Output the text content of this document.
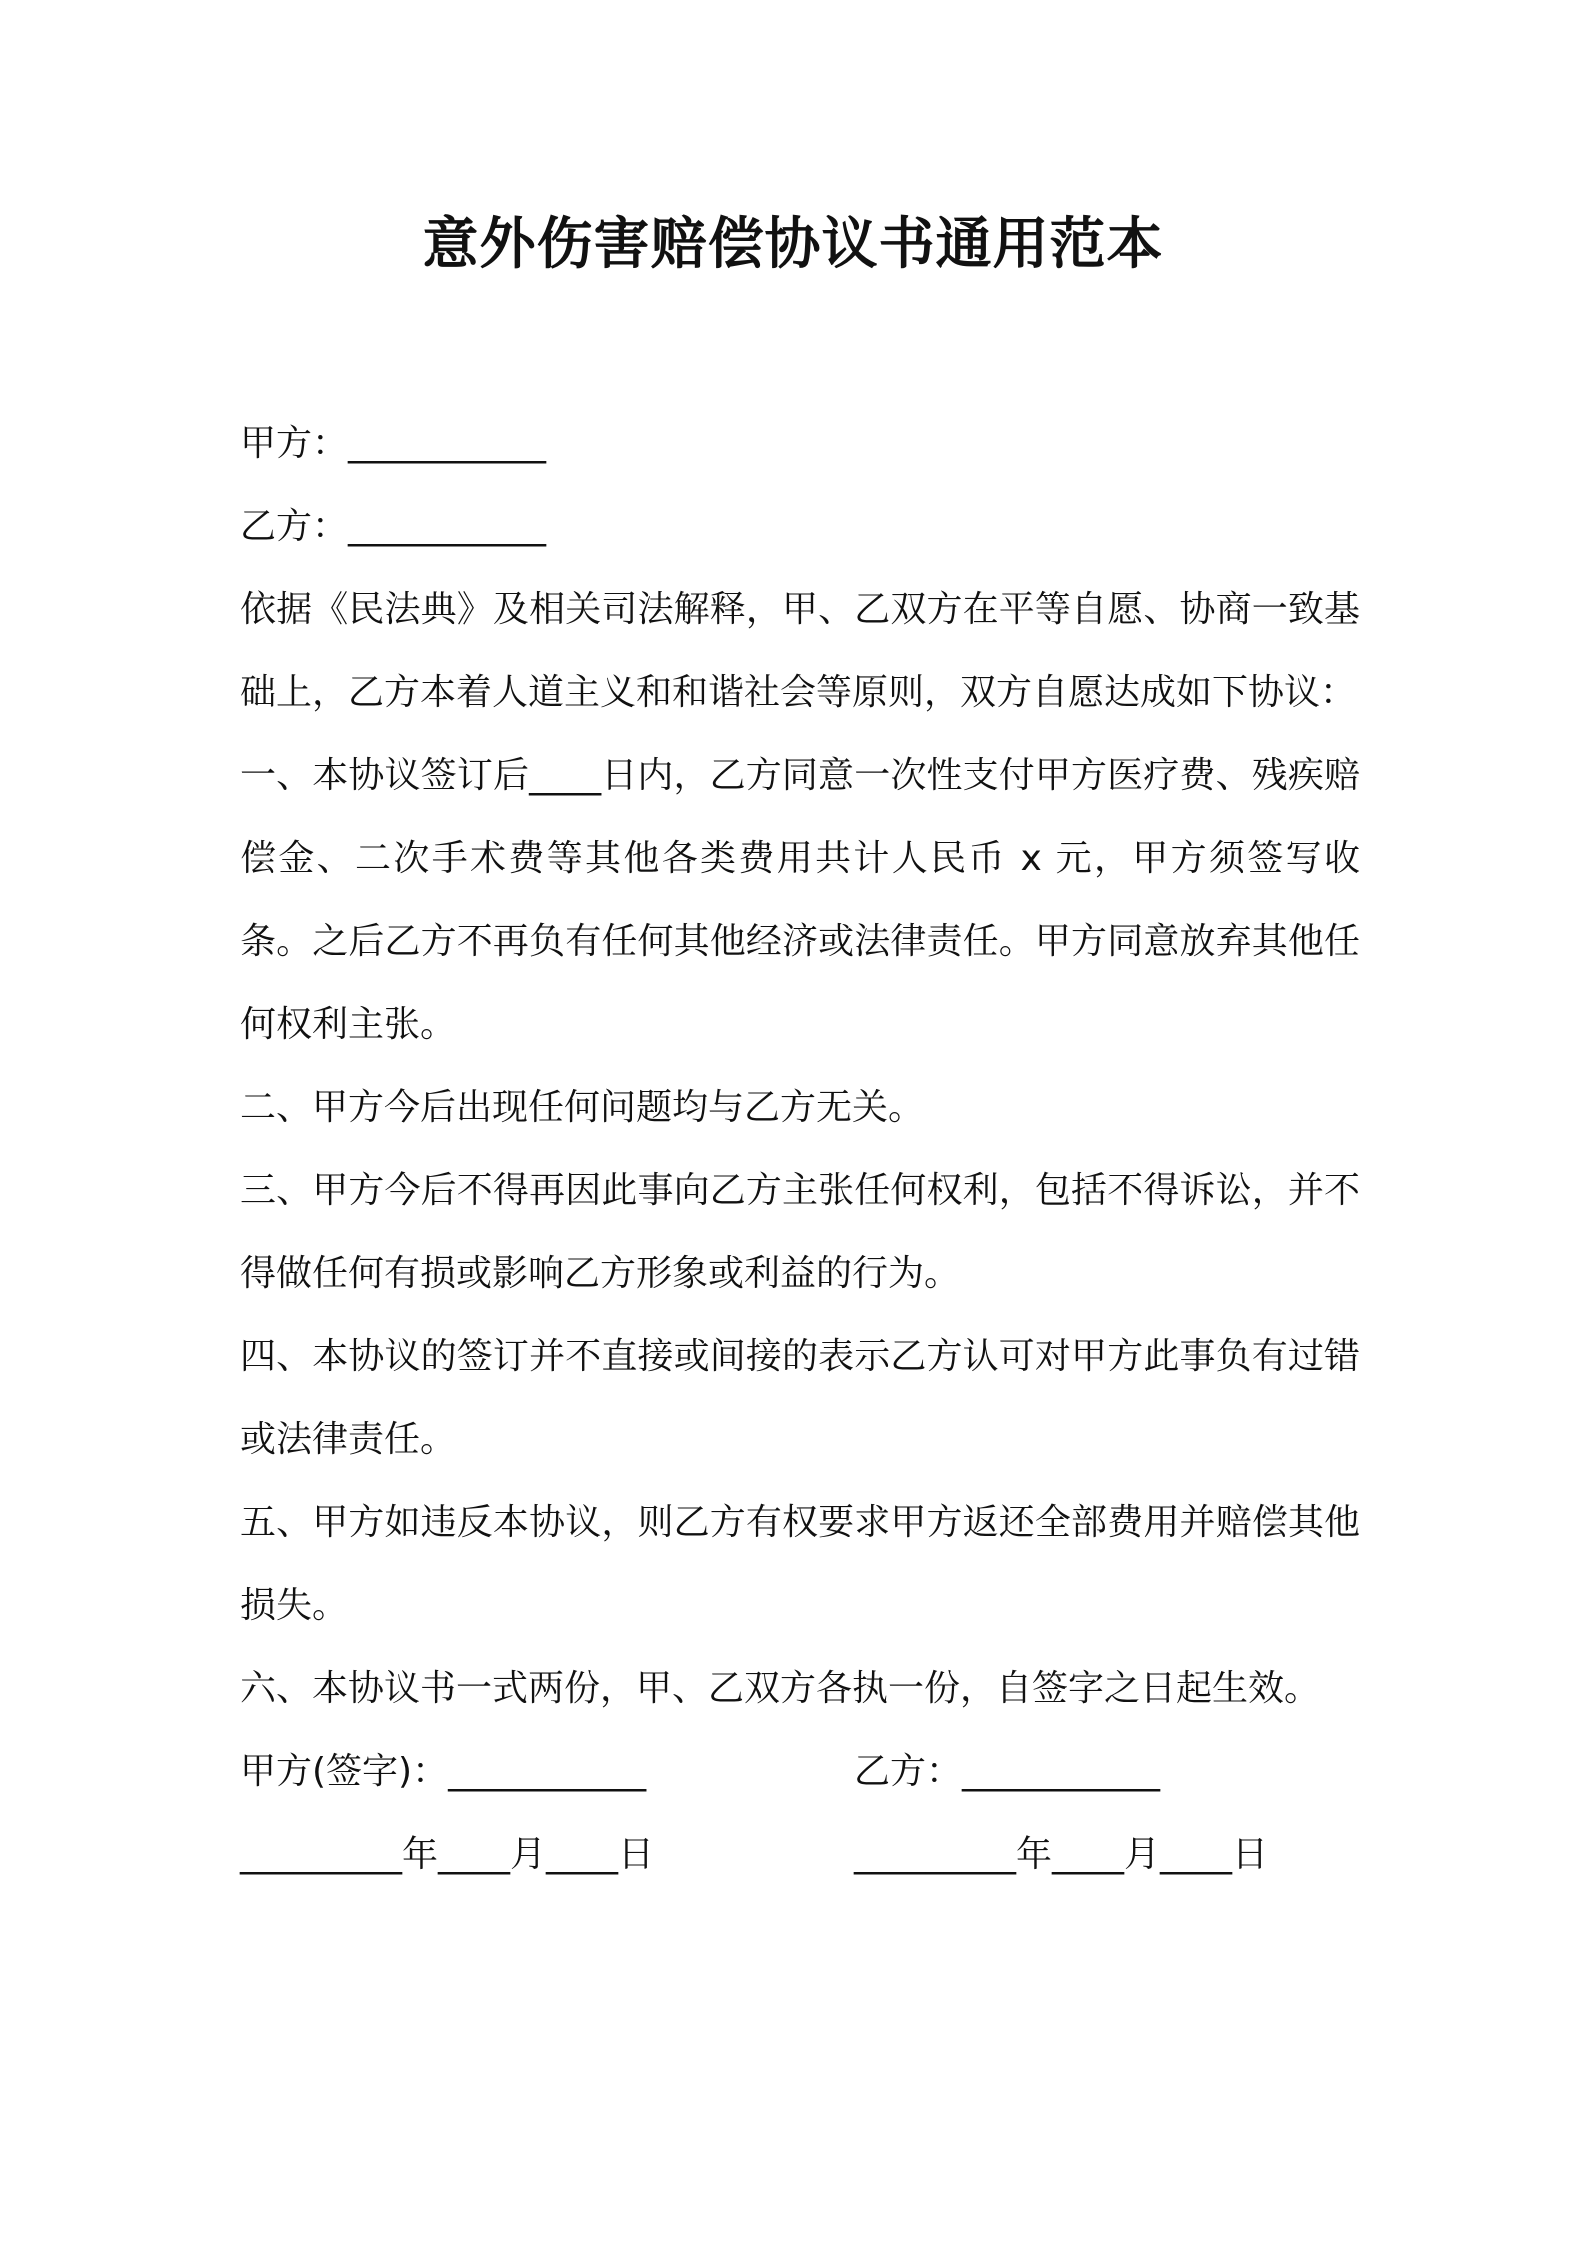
意外伤害赔偿协议书通用范本

甲方：___________

乙方：___________

依据《民法典》及相关司法解释，甲、乙双方在平等自愿、协商一致基础上，乙方本着人道主义和和谐社会等原则，双方自愿达成如下协议：

一、本协议签订后____日内，乙方同意一次性支付甲方医疗费、残疾赔偿金、二次手术费等其他各类费用共计人民币 x 元，甲方须签写收条。之后乙方不再负有任何其他经济或法律责任。甲方同意放弃其他任何权利主张。

二、甲方今后出现任何问题均与乙方无关。

三、甲方今后不得再因此事向乙方主张任何权利，包括不得诉讼，并不得做任何有损或影响乙方形象或利益的行为。

四、本协议的签订并不直接或间接的表示乙方认可对甲方此事负有过错或法律责任。

五、甲方如违反本协议，则乙方有权要求甲方返还全部费用并赔偿其他损失。

六、本协议书一式两份，甲、乙双方各执一份，自签字之日起生效。

甲方(签字)：___________	乙方：___________
_________年____月____日	_________年____月____日
